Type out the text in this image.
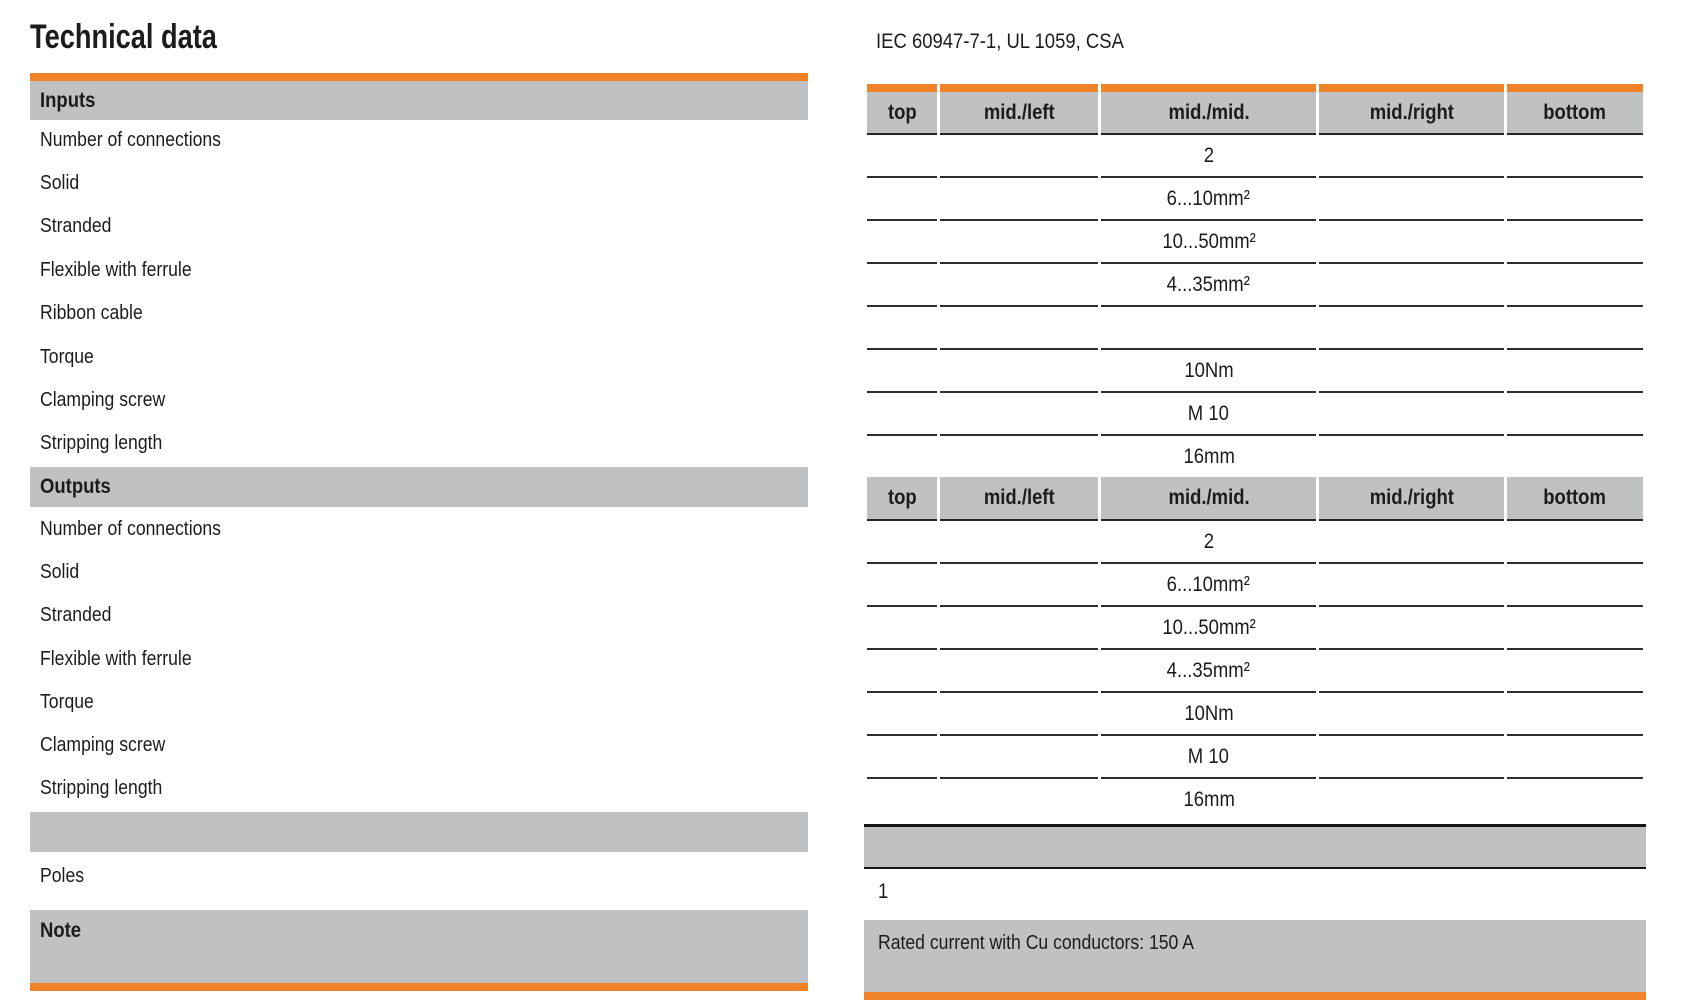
Technical data
Inputs
Number of connections
Solid
Stranded
Flexible with ferrule
Ribbon cable
Torque
Clamping screw
Stripping length
Outputs
Number of connections
Solid
Stranded
Flexible with ferrule
Torque
Clamping screw
Stripping length
Poles
Note
IEC 60947-7-1, UL 1059, CSA
top	mid./left	mid./mid.	mid./right	bottom
		2		
		6...10mm²		
		10...50mm²		
		4...35mm²		

		10Nm		
		M 10		
		16mm		
top	mid./left	mid./mid.	mid./right	bottom
		2		
		6...10mm²		
		10...50mm²		
		4...35mm²		
		10Nm		
		M 10		
		16mm		
1
Rated current with Cu conductors: 150 A
